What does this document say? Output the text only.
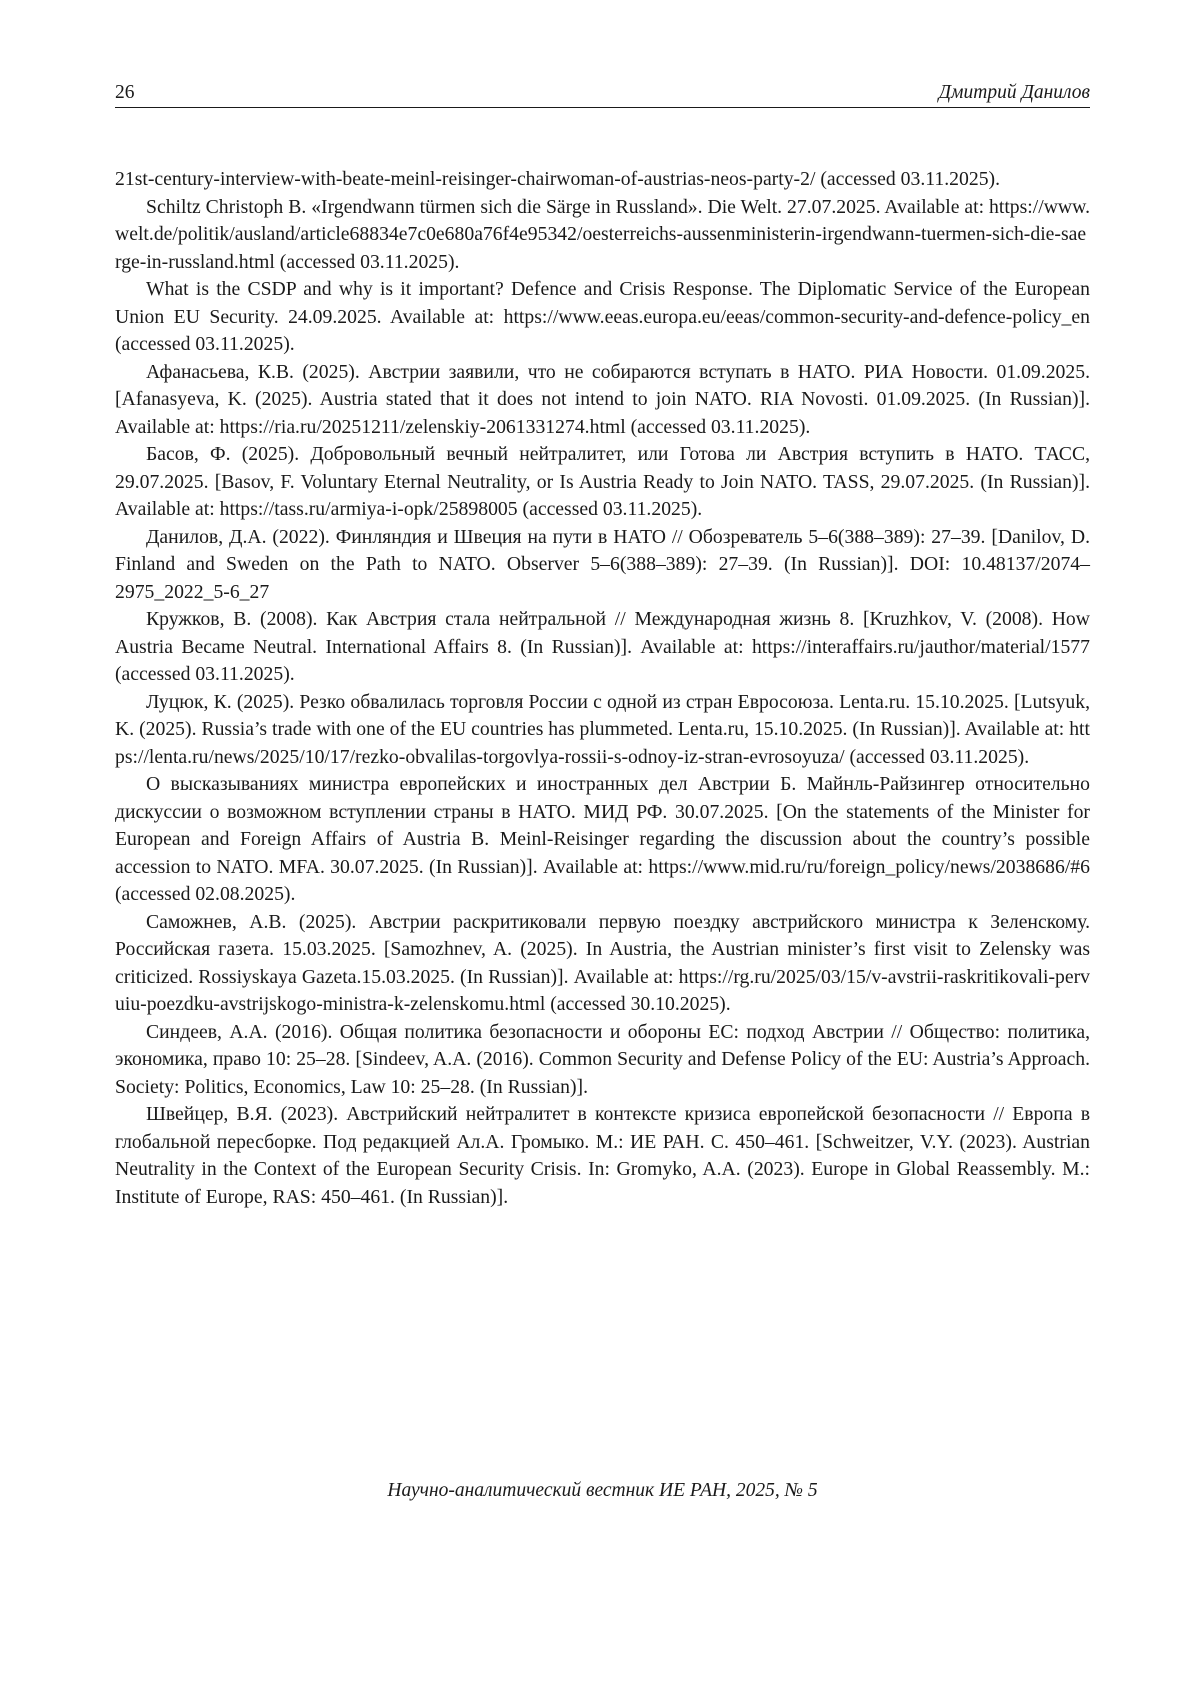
26	Дмитрий Данилов

21st-century-interview-with-beate-meinl-reisinger-chairwoman-of-austrias-neos-party-2/ (accessed 03.11.2025).

Schiltz Christoph B. «Irgendwann türmen sich die Särge in Russland». Die Welt. 27.07.2025. Available at: https://www.welt.de/politik/ausland/article68834e7c0e680a76f4e95342/oesterreichs-aussenministerin-irgendwann-tuermen-sich-die-saerge-in-russland.html (accessed 03.11.2025).

What is the CSDP and why is it important? Defence and Crisis Response. The Diplomatic Service of the European Union EU Security. 24.09.2025. Available at: https://www.eeas.europa.eu/eeas/common-security-and-defence-policy_en (accessed 03.11.2025).

Афанасьева, К.В. (2025). Австрии заявили, что не собираются вступать в НАТО. РИА Новости. 01.09.2025. [Afanasyeva, K. (2025). Austria stated that it does not intend to join NATO. RIA Novosti. 01.09.2025. (In Russian)]. Available at: https://ria.ru/20251211/zelenskiy-2061331274.html (accessed 03.11.2025).

Басов, Ф. (2025). Добровольный вечный нейтралитет, или Готова ли Австрия вступить в НАТО. ТАСС, 29.07.2025. [Basov, F. Voluntary Eternal Neutrality, or Is Austria Ready to Join NATO. TASS, 29.07.2025. (In Russian)]. Available at: https://tass.ru/armiya-i-opk/25898005 (accessed 03.11.2025).

Данилов, Д.А. (2022). Финляндия и Швеция на пути в НАТО // Обозреватель 5–6(388–389): 27–39. [Danilov, D. Finland and Sweden on the Path to NATO. Observer 5–6(388–389): 27–39. (In Russian)]. DOI: 10.48137/2074–2975_2022_5-6_27

Кружков, В. (2008). Как Австрия стала нейтральной // Международная жизнь 8. [Kruzhkov, V. (2008). How Austria Became Neutral. International Affairs 8. (In Russian)]. Available at: https://interaffairs.ru/jauthor/material/1577 (accessed 03.11.2025).

Луцюк, К. (2025). Резко обвалилась торговля России с одной из стран Евросоюза. Lenta.ru. 15.10.2025. [Lutsyuk, K. (2025). Russia’s trade with one of the EU countries has plummeted. Lenta.ru, 15.10.2025. (In Russian)]. Available at: https://lenta.ru/news/2025/10/17/rezko-obvalilas-torgovlya-rossii-s-odnoy-iz-stran-evrosoyuza/ (accessed 03.11.2025).

О высказываниях министра европейских и иностранных дел Австрии Б. Майнль-Райзингер относительно дискуссии о возможном вступлении страны в НАТО. МИД РФ. 30.07.2025. [On the statements of the Minister for European and Foreign Affairs of Austria B. Meinl-Reisinger regarding the discussion about the country’s possible accession to NATO. MFA. 30.07.2025. (In Russian)]. Available at: https://www.mid.ru/ru/foreign_policy/news/2038686/#6 (accessed 02.08.2025).

Саможнев, А.В. (2025). Австрии раскритиковали первую поездку австрийского министра к Зеленскому. Российская газета. 15.03.2025. [Samozhnev, A. (2025). In Austria, the Austrian minister’s first visit to Zelensky was criticized. Rossiyskaya Gazeta.15.03.2025. (In Russian)]. Available at: https://rg.ru/2025/03/15/v-avstrii-raskritikovali-pervuiu-poezdku-avstrijskogo-ministra-k-zelenskomu.html (accessed 30.10.2025).

Синдеев, А.А. (2016). Общая политика безопасности и обороны ЕС: подход Австрии // Общество: политика, экономика, право 10: 25–28. [Sindeev, A.A. (2016). Common Security and Defense Policy of the EU: Austria’s Approach. Society: Politics, Economics, Law 10: 25–28. (In Russian)].

Швейцер, В.Я. (2023). Австрийский нейтралитет в контексте кризиса европейской безопасности // Европа в глобальной пересборке. Под редакцией Ал.А. Громыко. М.: ИЕ РАН. С. 450–461. [Schweitzer, V.Y. (2023). Austrian Neutrality in the Context of the European Security Crisis. In: Gromyko, A.A. (2023). Europe in Global Reassembly. M.: Institute of Europe, RAS: 450–461. (In Russian)].

Научно-аналитический вестник ИЕ РАН, 2025, № 5
